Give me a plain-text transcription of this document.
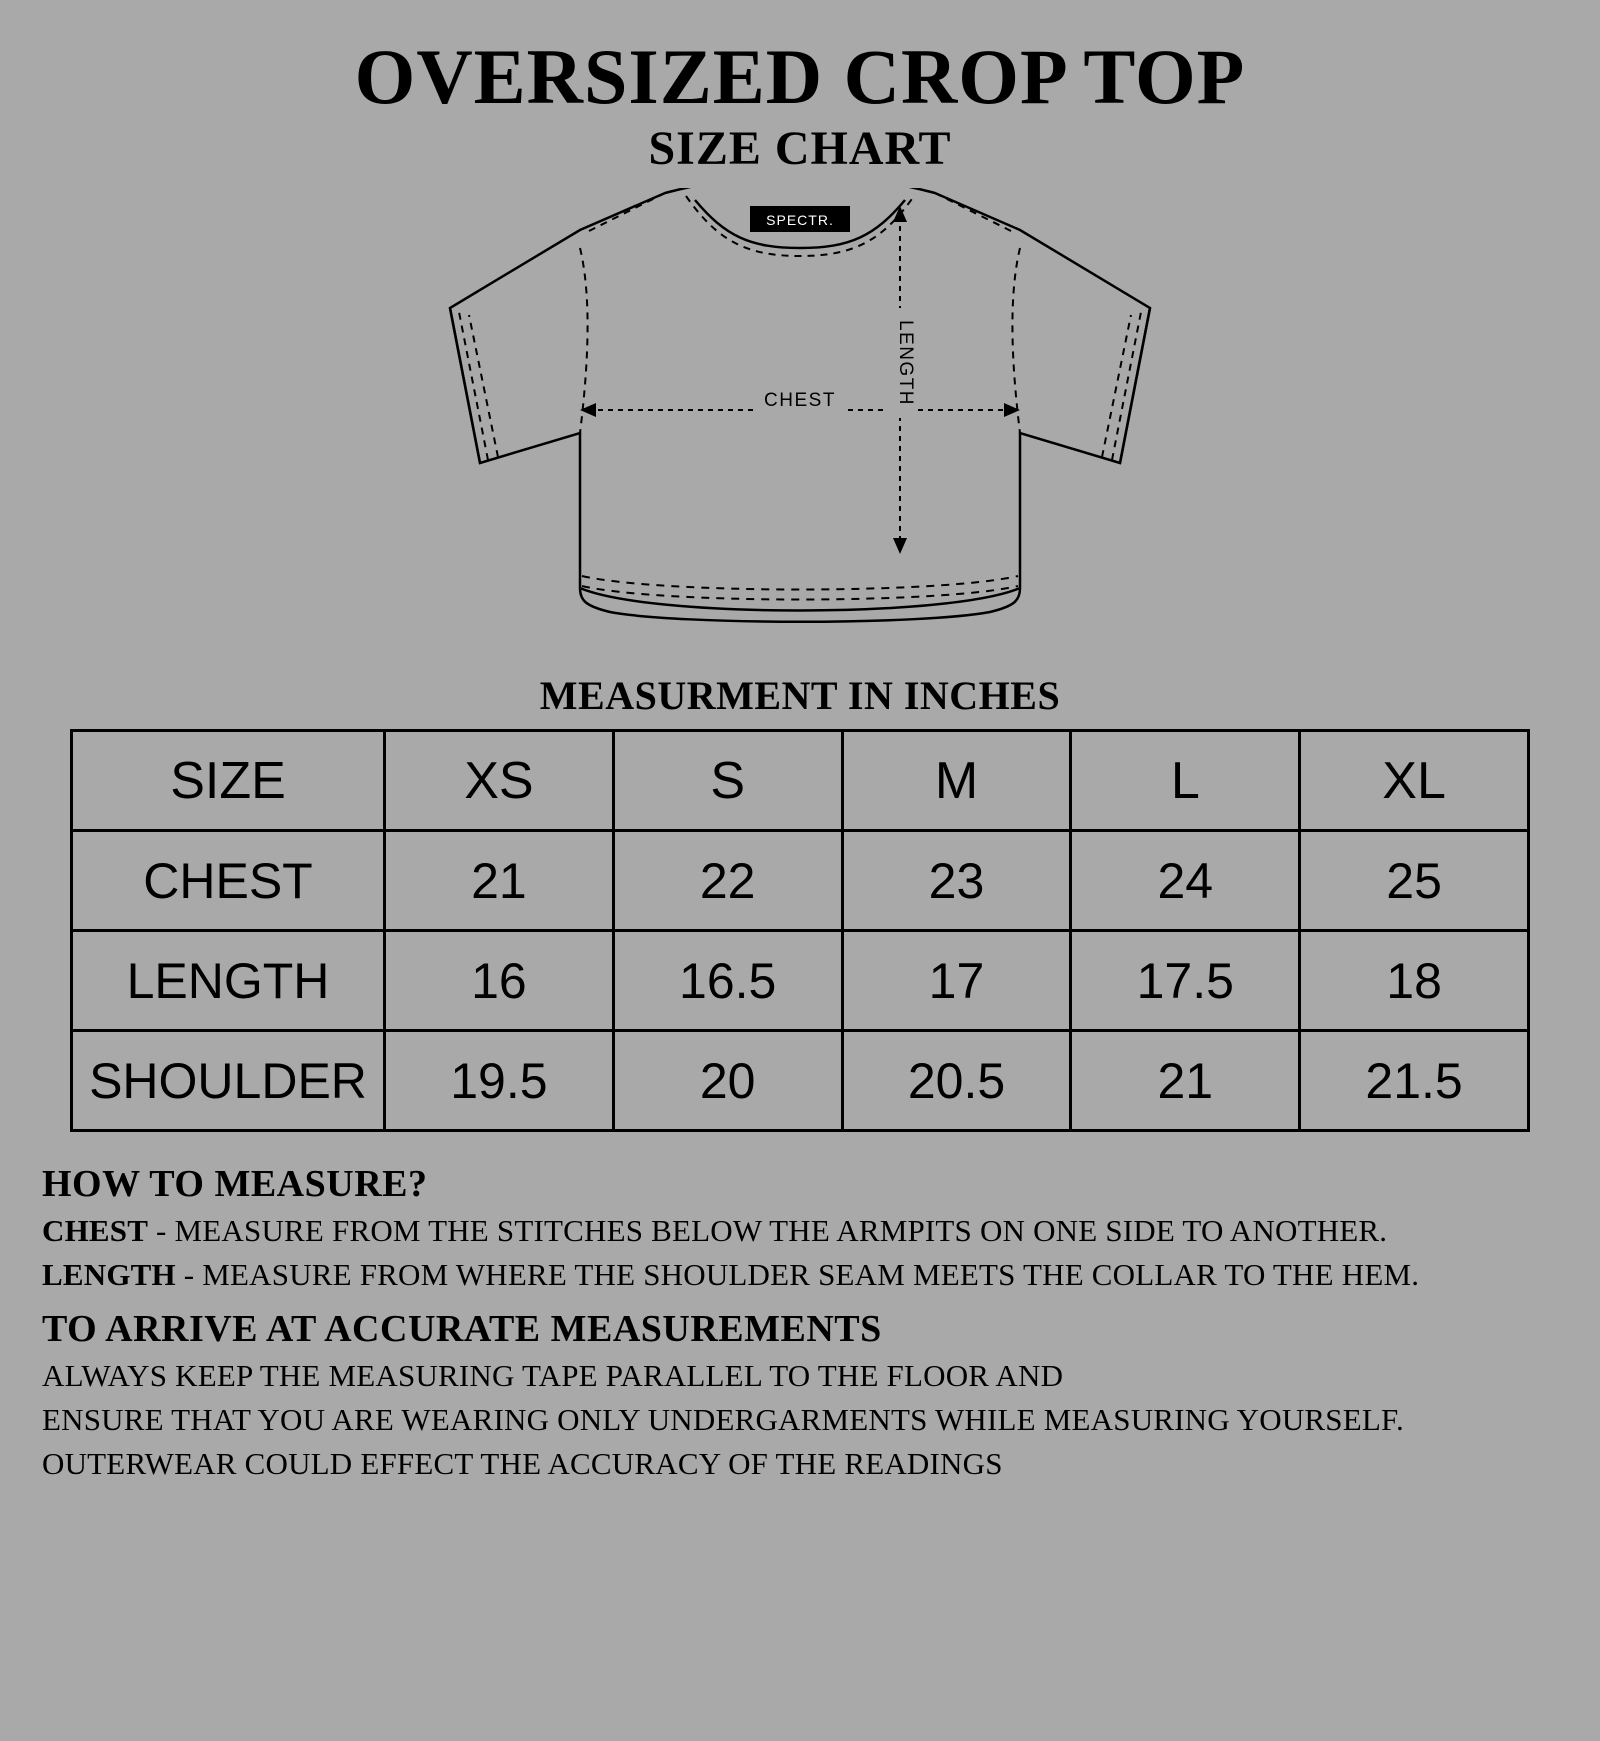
OVERSIZED CROP TOP
SIZE CHART
SPECTR.
CHEST	LENGTH
MEASURMENT IN INCHES
SIZE	XS	S	M	L	XL
CHEST	21	22	23	24	25
LENGTH	16	16.5	17	17.5	18
SHOULDER	19.5	20	20.5	21	21.5
HOW TO MEASURE?

CHEST - MEASURE FROM THE STITCHES BELOW THE ARMPITS ON ONE SIDE TO ANOTHER.

LENGTH - MEASURE FROM WHERE THE SHOULDER SEAM MEETS THE COLLAR TO THE HEM.

TO ARRIVE AT ACCURATE MEASUREMENTS

ALWAYS KEEP THE MEASURING TAPE PARALLEL TO THE FLOOR AND

ENSURE THAT YOU ARE WEARING ONLY UNDERGARMENTS WHILE MEASURING YOURSELF.

OUTERWEAR COULD EFFECT THE ACCURACY OF THE READINGS
